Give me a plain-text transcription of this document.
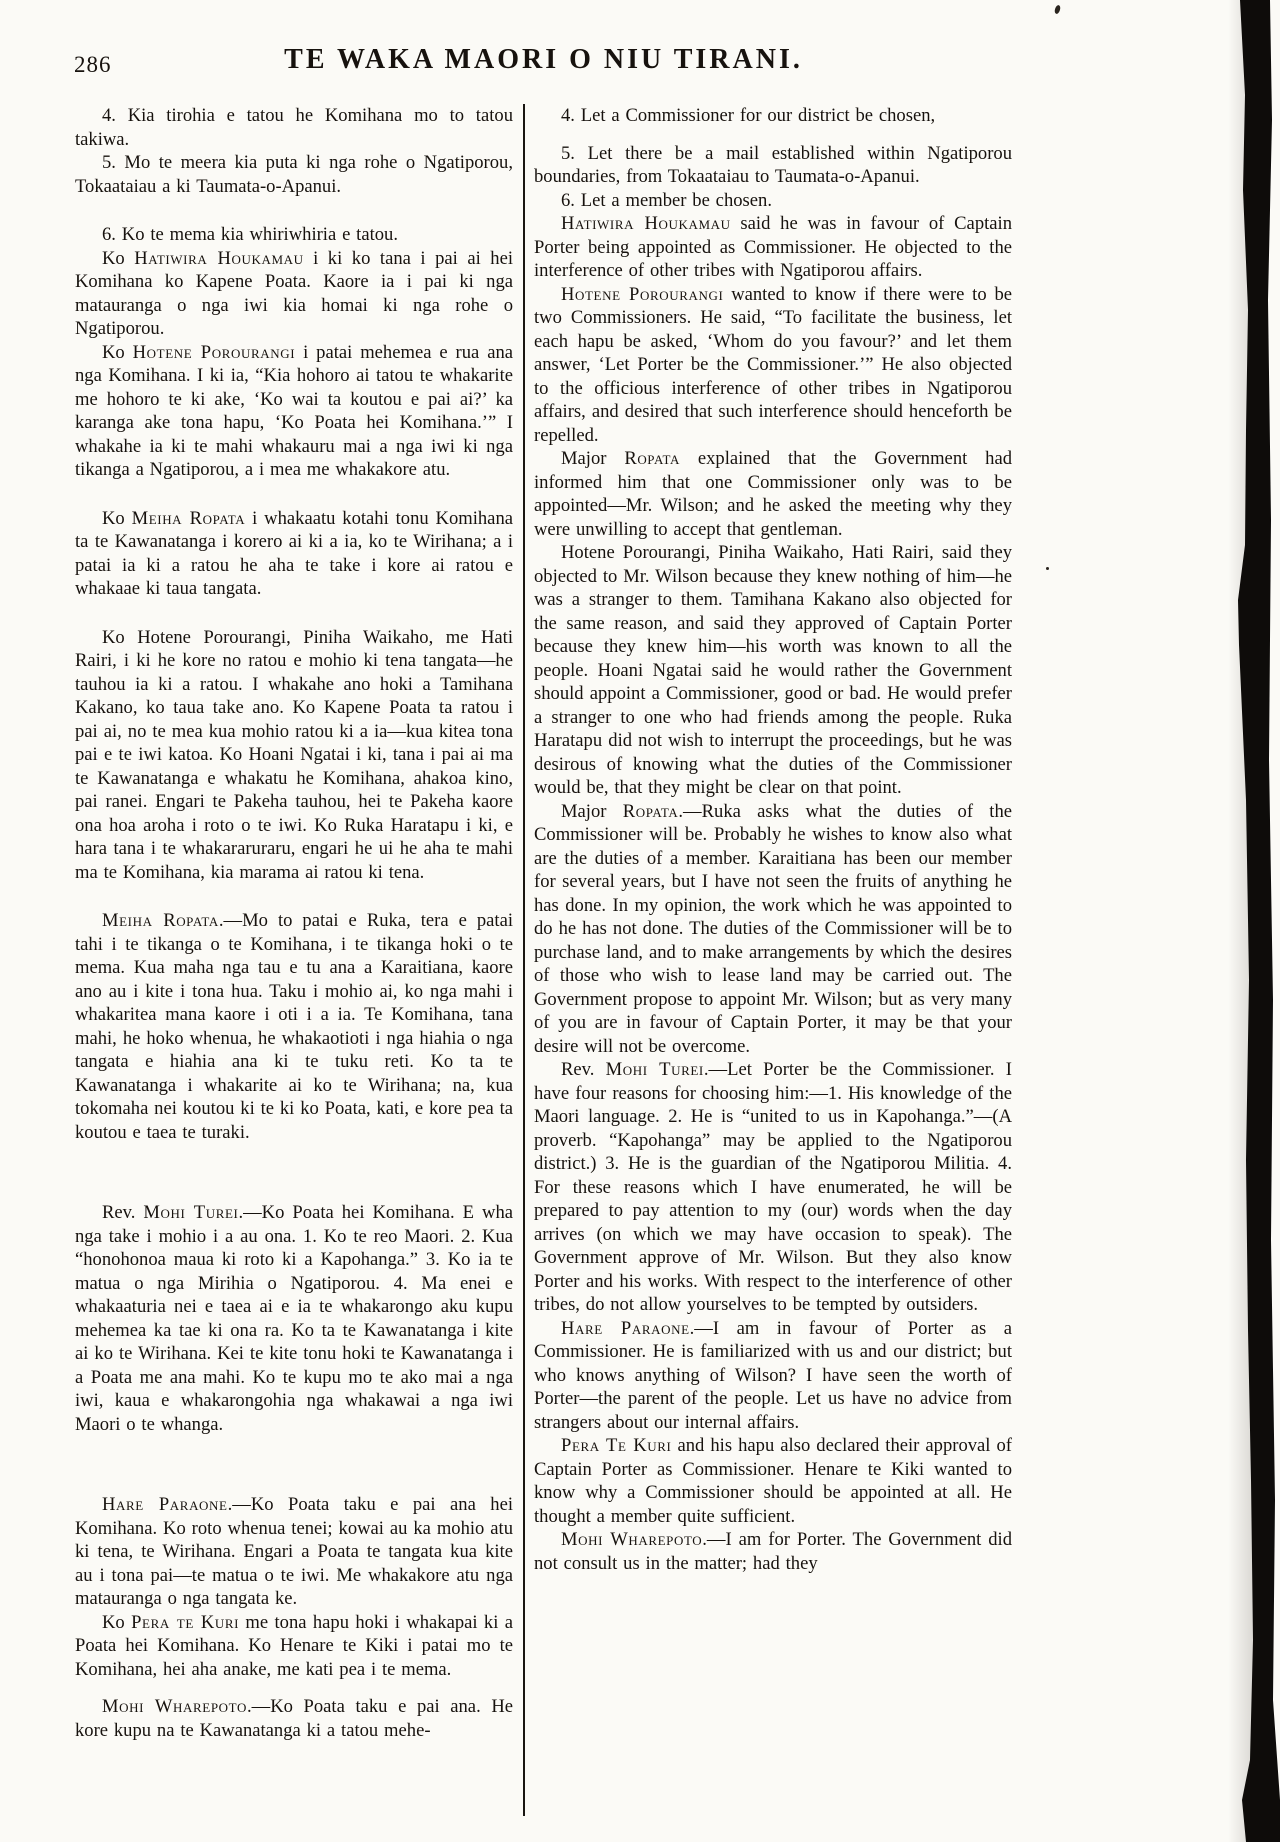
286	TE WAKA MAORI O NIU TIRANI.

4. Kia tirohia e tatou he Komihana mo to tatou takiwa.

5. Mo te meera kia puta ki nga rohe o Ngatiporou, Tokaataiau a ki Taumata-o-Apanui.

6. Ko te mema kia whiriwhiria e tatou.

Ko Hatiwira Houkamau i ki ko tana i pai ai hei Komihana ko Kapene Poata. Kaore ia i pai ki nga matauranga o nga iwi kia homai ki nga rohe o Ngatiporou.

Ko Hotene Porourangi i patai mehemea e rua ana nga Komihana. I ki ia, “Kia hohoro ai tatou te whakarite me hohoro te ki ake, ‘Ko wai ta koutou e pai ai?’ ka karanga ake tona hapu, ‘Ko Poata hei Komihana.’” I whakahe ia ki te mahi whakauru mai a nga iwi ki nga tikanga a Ngatiporou, a i mea me whakakore atu.

Ko Meiha Ropata i whakaatu kotahi tonu Komihana ta te Kawanatanga i korero ai ki a ia, ko te Wirihana; a i patai ia ki a ratou he aha te take i kore ai ratou e whakaae ki taua tangata.

Ko Hotene Porourangi, Piniha Waikaho, me Hati Rairi, i ki he kore no ratou e mohio ki tena tangata—he tauhou ia ki a ratou. I whakahe ano hoki a Tamihana Kakano, ko taua take ano. Ko Kapene Poata ta ratou i pai ai, no te mea kua mohio ratou ki a ia—kua kitea tona pai e te iwi katoa. Ko Hoani Ngatai i ki, tana i pai ai ma te Kawanatanga e whakatu he Komihana, ahakoa kino, pai ranei. Engari te Pakeha tauhou, hei te Pakeha kaore ona hoa aroha i roto o te iwi. Ko Ruka Haratapu i ki, e hara tana i te whakararuraru, engari he ui he aha te mahi ma te Komihana, kia marama ai ratou ki tena.

Meiha Ropata.—Mo to patai e Ruka, tera e patai tahi i te tikanga o te Komihana, i te tikanga hoki o te mema. Kua maha nga tau e tu ana a Karaitiana, kaore ano au i kite i tona hua. Taku i mohio ai, ko nga mahi i whakaritea mana kaore i oti i a ia. Te Komihana, tana mahi, he hoko whenua, he whakaotioti i nga hiahia o nga tangata e hiahia ana ki te tuku reti. Ko ta te Kawanatanga i whakarite ai ko te Wirihana; na, kua tokomaha nei koutou ki te ki ko Poata, kati, e kore pea ta koutou e taea te turaki.

Rev. Mohi Turei.—Ko Poata hei Komihana. E wha nga take i mohio i a au ona. 1. Ko te reo Maori. 2. Kua “honohonoa maua ki roto ki a Kapohanga.” 3. Ko ia te matua o nga Mirihia o Ngatiporou. 4. Ma enei e whakaaturia nei e taea ai e ia te whakarongo aku kupu mehemea ka tae ki ona ra. Ko ta te Kawanatanga i kite ai ko te Wirihana. Kei te kite tonu hoki te Kawanatanga i a Poata me ana mahi. Ko te kupu mo te ako mai a nga iwi, kaua e whakarongohia nga whakawai a nga iwi Maori o te whanga.

Hare Paraone.—Ko Poata taku e pai ana hei Komihana. Ko roto whenua tenei; kowai au ka mohio atu ki tena, te Wirihana. Engari a Poata te tangata kua kite au i tona pai—te matua o te iwi. Me whakakore atu nga matauranga o nga tangata ke.

Ko Pera te Kuri me tona hapu hoki i whakapai ki a Poata hei Komihana. Ko Henare te Kiki i patai mo te Komihana, hei aha anake, me kati pea i te mema.

Mohi Wharepoto.—Ko Poata taku e pai ana. He kore kupu na te Kawanatanga ki a tatou mehe-

4. Let a Commissioner for our district be chosen,

5. Let there be a mail established within Ngatiporou boundaries, from Tokaataiau to Taumata-o-Apanui.

6. Let a member be chosen.

Hatiwira Houkamau said he was in favour of Captain Porter being appointed as Commissioner. He objected to the interference of other tribes with Ngatiporou affairs.

Hotene Porourangi wanted to know if there were to be two Commissioners. He said, “To facilitate the business, let each hapu be asked, ‘Whom do you favour?’ and let them answer, ‘Let Porter be the Commissioner.’” He also objected to the officious interference of other tribes in Ngatiporou affairs, and desired that such interference should henceforth be repelled.

Major Ropata explained that the Government had informed him that one Commissioner only was to be appointed—Mr. Wilson; and he asked the meeting why they were unwilling to accept that gentleman.

Hotene Porourangi, Piniha Waikaho, Hati Rairi, said they objected to Mr. Wilson because they knew nothing of him—he was a stranger to them. Tamihana Kakano also objected for the same reason, and said they approved of Captain Porter because they knew him—his worth was known to all the people. Hoani Ngatai said he would rather the Government should appoint a Commissioner, good or bad. He would prefer a stranger to one who had friends among the people. Ruka Haratapu did not wish to interrupt the proceedings, but he was desirous of knowing what the duties of the Commissioner would be, that they might be clear on that point.

Major Ropata.—Ruka asks what the duties of the Commissioner will be. Probably he wishes to know also what are the duties of a member. Karaitiana has been our member for several years, but I have not seen the fruits of anything he has done. In my opinion, the work which he was appointed to do he has not done. The duties of the Commissioner will be to purchase land, and to make arrangements by which the desires of those who wish to lease land may be carried out. The Government propose to appoint Mr. Wilson; but as very many of you are in favour of Captain Porter, it may be that your desire will not be overcome.

Rev. Mohi Turei.—Let Porter be the Commissioner. I have four reasons for choosing him:—1. His knowledge of the Maori language. 2. He is “united to us in Kapohanga.”—(A proverb. “Kapohanga” may be applied to the Ngatiporou district.) 3. He is the guardian of the Ngatiporou Militia. 4. For these reasons which I have enumerated, he will be prepared to pay attention to my (our) words when the day arrives (on which we may have occasion to speak). The Government approve of Mr. Wilson. But they also know Porter and his works. With respect to the interference of other tribes, do not allow yourselves to be tempted by outsiders.

Hare Paraone.—I am in favour of Porter as a Commissioner. He is familiarized with us and our district; but who knows anything of Wilson? I have seen the worth of Porter—the parent of the people. Let us have no advice from strangers about our internal affairs.

Pera Te Kuri and his hapu also declared their approval of Captain Porter as Commissioner. Henare te Kiki wanted to know why a Commissioner should be appointed at all. He thought a member quite sufficient.

Mohi Wharepoto.—I am for Porter. The Government did not consult us in the matter; had they
